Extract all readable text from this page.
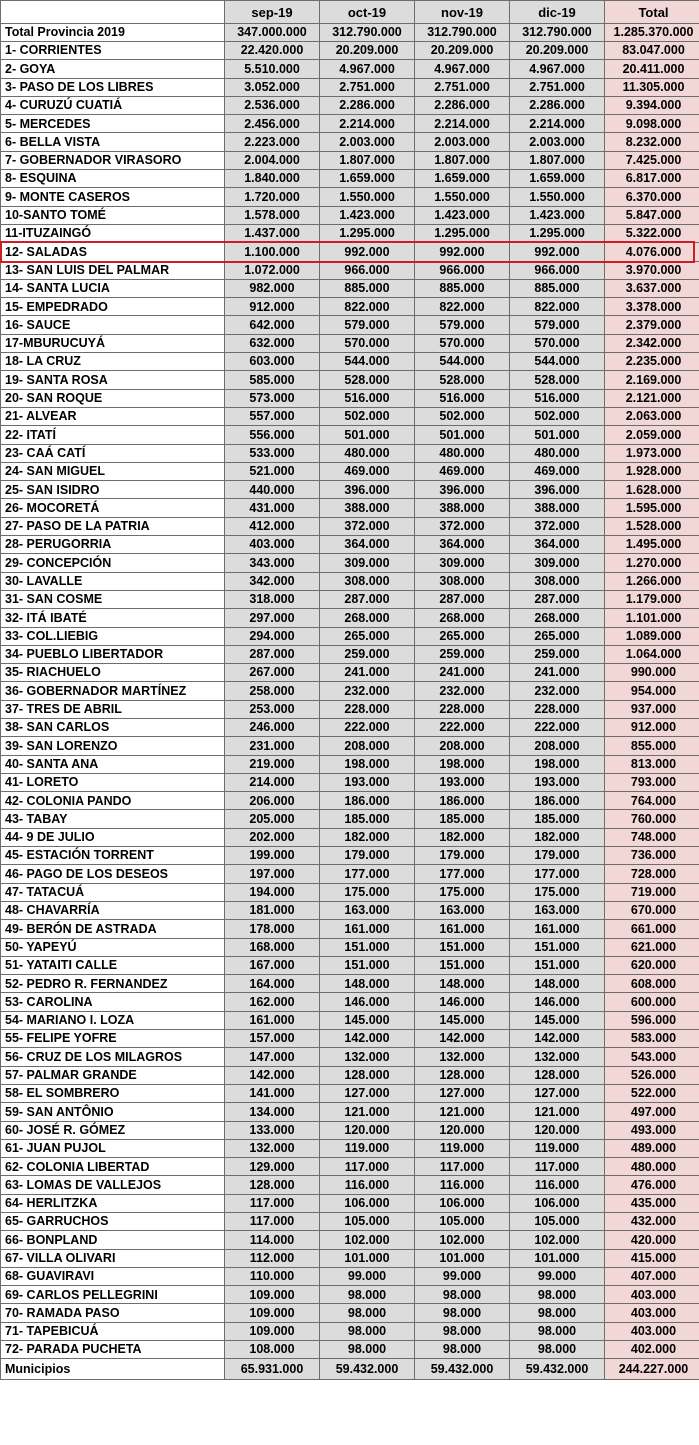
	sep-19	oct-19	nov-19	dic-19	Total
Total Provincia 2019	347.000.000	312.790.000	312.790.000	312.790.000	1.285.370.000
1- CORRIENTES	22.420.000	20.209.000	20.209.000	20.209.000	83.047.000
2- GOYA	5.510.000	4.967.000	4.967.000	4.967.000	20.411.000
3- PASO DE LOS LIBRES	3.052.000	2.751.000	2.751.000	2.751.000	11.305.000
4- CURUZÚ CUATIÁ	2.536.000	2.286.000	2.286.000	2.286.000	9.394.000
5- MERCEDES	2.456.000	2.214.000	2.214.000	2.214.000	9.098.000
6- BELLA VISTA	2.223.000	2.003.000	2.003.000	2.003.000	8.232.000
7- GOBERNADOR VIRASORO	2.004.000	1.807.000	1.807.000	1.807.000	7.425.000
8- ESQUINA	1.840.000	1.659.000	1.659.000	1.659.000	6.817.000
9- MONTE CASEROS	1.720.000	1.550.000	1.550.000	1.550.000	6.370.000
10-SANTO TOMÉ	1.578.000	1.423.000	1.423.000	1.423.000	5.847.000
11-ITUZAINGÓ	1.437.000	1.295.000	1.295.000	1.295.000	5.322.000
12- SALADAS	1.100.000	992.000	992.000	992.000	4.076.000
13- SAN LUIS DEL PALMAR	1.072.000	966.000	966.000	966.000	3.970.000
14- SANTA LUCIA	982.000	885.000	885.000	885.000	3.637.000
15- EMPEDRADO	912.000	822.000	822.000	822.000	3.378.000
16- SAUCE	642.000	579.000	579.000	579.000	2.379.000
17-MBURUCUYÁ	632.000	570.000	570.000	570.000	2.342.000
18- LA CRUZ	603.000	544.000	544.000	544.000	2.235.000
19- SANTA ROSA	585.000	528.000	528.000	528.000	2.169.000
20- SAN ROQUE	573.000	516.000	516.000	516.000	2.121.000
21- ALVEAR	557.000	502.000	502.000	502.000	2.063.000
22- ITATÍ	556.000	501.000	501.000	501.000	2.059.000
23- CAÁ CATÍ	533.000	480.000	480.000	480.000	1.973.000
24- SAN MIGUEL	521.000	469.000	469.000	469.000	1.928.000
25- SAN ISIDRO	440.000	396.000	396.000	396.000	1.628.000
26- MOCORETÁ	431.000	388.000	388.000	388.000	1.595.000
27- PASO DE LA PATRIA	412.000	372.000	372.000	372.000	1.528.000
28- PERUGORRIA	403.000	364.000	364.000	364.000	1.495.000
29- CONCEPCIÓN	343.000	309.000	309.000	309.000	1.270.000
30- LAVALLE	342.000	308.000	308.000	308.000	1.266.000
31- SAN COSME	318.000	287.000	287.000	287.000	1.179.000
32- ITÁ IBATÉ	297.000	268.000	268.000	268.000	1.101.000
33- COL.LIEBIG	294.000	265.000	265.000	265.000	1.089.000
34- PUEBLO LIBERTADOR	287.000	259.000	259.000	259.000	1.064.000
35- RIACHUELO	267.000	241.000	241.000	241.000	990.000
36- GOBERNADOR MARTÍNEZ	258.000	232.000	232.000	232.000	954.000
37- TRES DE ABRIL	253.000	228.000	228.000	228.000	937.000
38- SAN CARLOS	246.000	222.000	222.000	222.000	912.000
39- SAN LORENZO	231.000	208.000	208.000	208.000	855.000
40- SANTA ANA	219.000	198.000	198.000	198.000	813.000
41- LORETO	214.000	193.000	193.000	193.000	793.000
42- COLONIA PANDO	206.000	186.000	186.000	186.000	764.000
43- TABAY	205.000	185.000	185.000	185.000	760.000
44- 9 DE JULIO	202.000	182.000	182.000	182.000	748.000
45- ESTACIÓN TORRENT	199.000	179.000	179.000	179.000	736.000
46- PAGO DE LOS DESEOS	197.000	177.000	177.000	177.000	728.000
47- TATACUÁ	194.000	175.000	175.000	175.000	719.000
48- CHAVARRÍA	181.000	163.000	163.000	163.000	670.000
49- BERÓN DE ASTRADA	178.000	161.000	161.000	161.000	661.000
50- YAPEYÚ	168.000	151.000	151.000	151.000	621.000
51- YATAITI CALLE	167.000	151.000	151.000	151.000	620.000
52- PEDRO R. FERNANDEZ	164.000	148.000	148.000	148.000	608.000
53- CAROLINA	162.000	146.000	146.000	146.000	600.000
54- MARIANO I. LOZA	161.000	145.000	145.000	145.000	596.000
55- FELIPE YOFRE	157.000	142.000	142.000	142.000	583.000
56- CRUZ DE LOS MILAGROS	147.000	132.000	132.000	132.000	543.000
57- PALMAR GRANDE	142.000	128.000	128.000	128.000	526.000
58- EL SOMBRERO	141.000	127.000	127.000	127.000	522.000
59- SAN ANTÔNIO	134.000	121.000	121.000	121.000	497.000
60- JOSÉ R. GÓMEZ	133.000	120.000	120.000	120.000	493.000
61- JUAN PUJOL	132.000	119.000	119.000	119.000	489.000
62- COLONIA LIBERTAD	129.000	117.000	117.000	117.000	480.000
63- LOMAS DE VALLEJOS	128.000	116.000	116.000	116.000	476.000
64- HERLITZKA	117.000	106.000	106.000	106.000	435.000
65- GARRUCHOS	117.000	105.000	105.000	105.000	432.000
66- BONPLAND	114.000	102.000	102.000	102.000	420.000
67- VILLA OLIVARI	112.000	101.000	101.000	101.000	415.000
68- GUAVIRAVI	110.000	99.000	99.000	99.000	407.000
69- CARLOS PELLEGRINI	109.000	98.000	98.000	98.000	403.000
70- RAMADA PASO	109.000	98.000	98.000	98.000	403.000
71- TAPEBICUÁ	109.000	98.000	98.000	98.000	403.000
72- PARADA PUCHETA	108.000	98.000	98.000	98.000	402.000
Municipios	65.931.000	59.432.000	59.432.000	59.432.000	244.227.000
